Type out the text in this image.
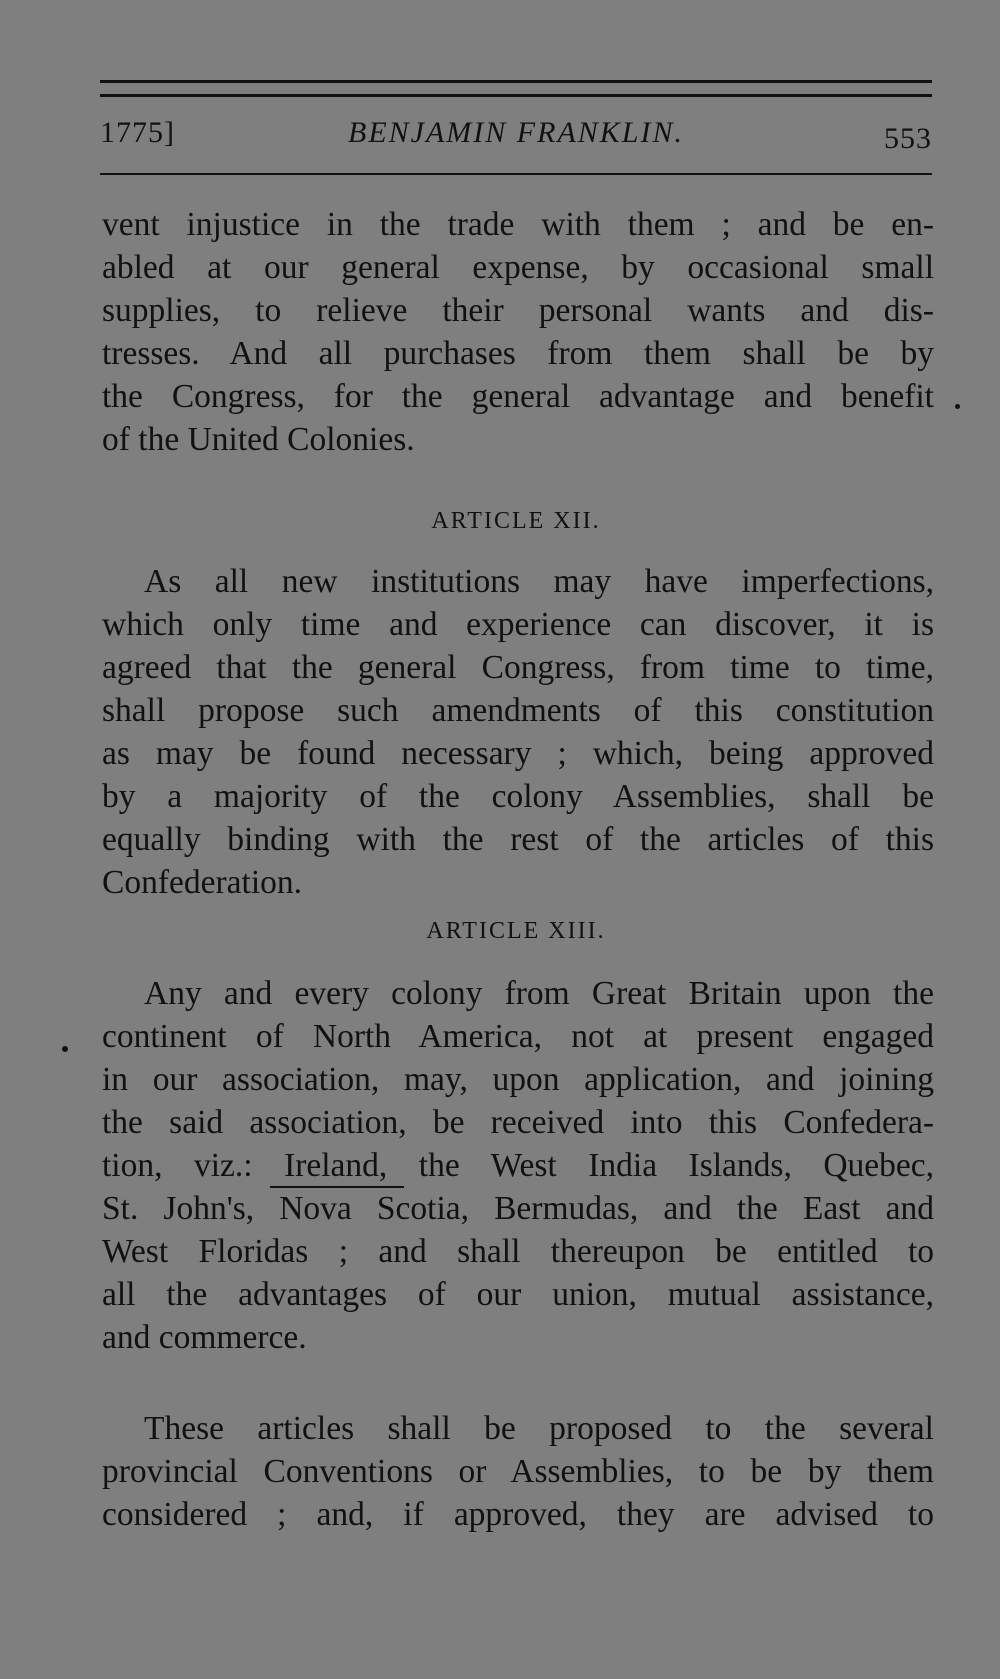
1775]	BENJAMIN FRANKLIN.	553
vent injustice in the trade with them ; and be en-
abled at our general expense, by occasional small
supplies, to relieve their personal wants and dis-
tresses. And all purchases from them shall be by
the Congress, for the general advantage and benefit
of the United Colonies.
ARTICLE XII.
As all new institutions may have imperfections,
which only time and experience can discover, it is
agreed that the general Congress, from time to time,
shall propose such amendments of this constitution
as may be found necessary ; which, being approved
by a majority of the colony Assemblies, shall be
equally binding with the rest of the articles of this
Confederation.
ARTICLE XIII.
Any and every colony from Great Britain upon the
continent of North America, not at present engaged
in our association, may, upon application, and joining
the said association, be received into this Confedera-
tion, viz.: Ireland, the West India Islands, Quebec,
St. John's, Nova Scotia, Bermudas, and the East and
West Floridas ; and shall thereupon be entitled to
all the advantages of our union, mutual assistance,
and commerce.
These articles shall be proposed to the several
provincial Conventions or Assemblies, to be by them
considered ; and, if approved, they are advised to
